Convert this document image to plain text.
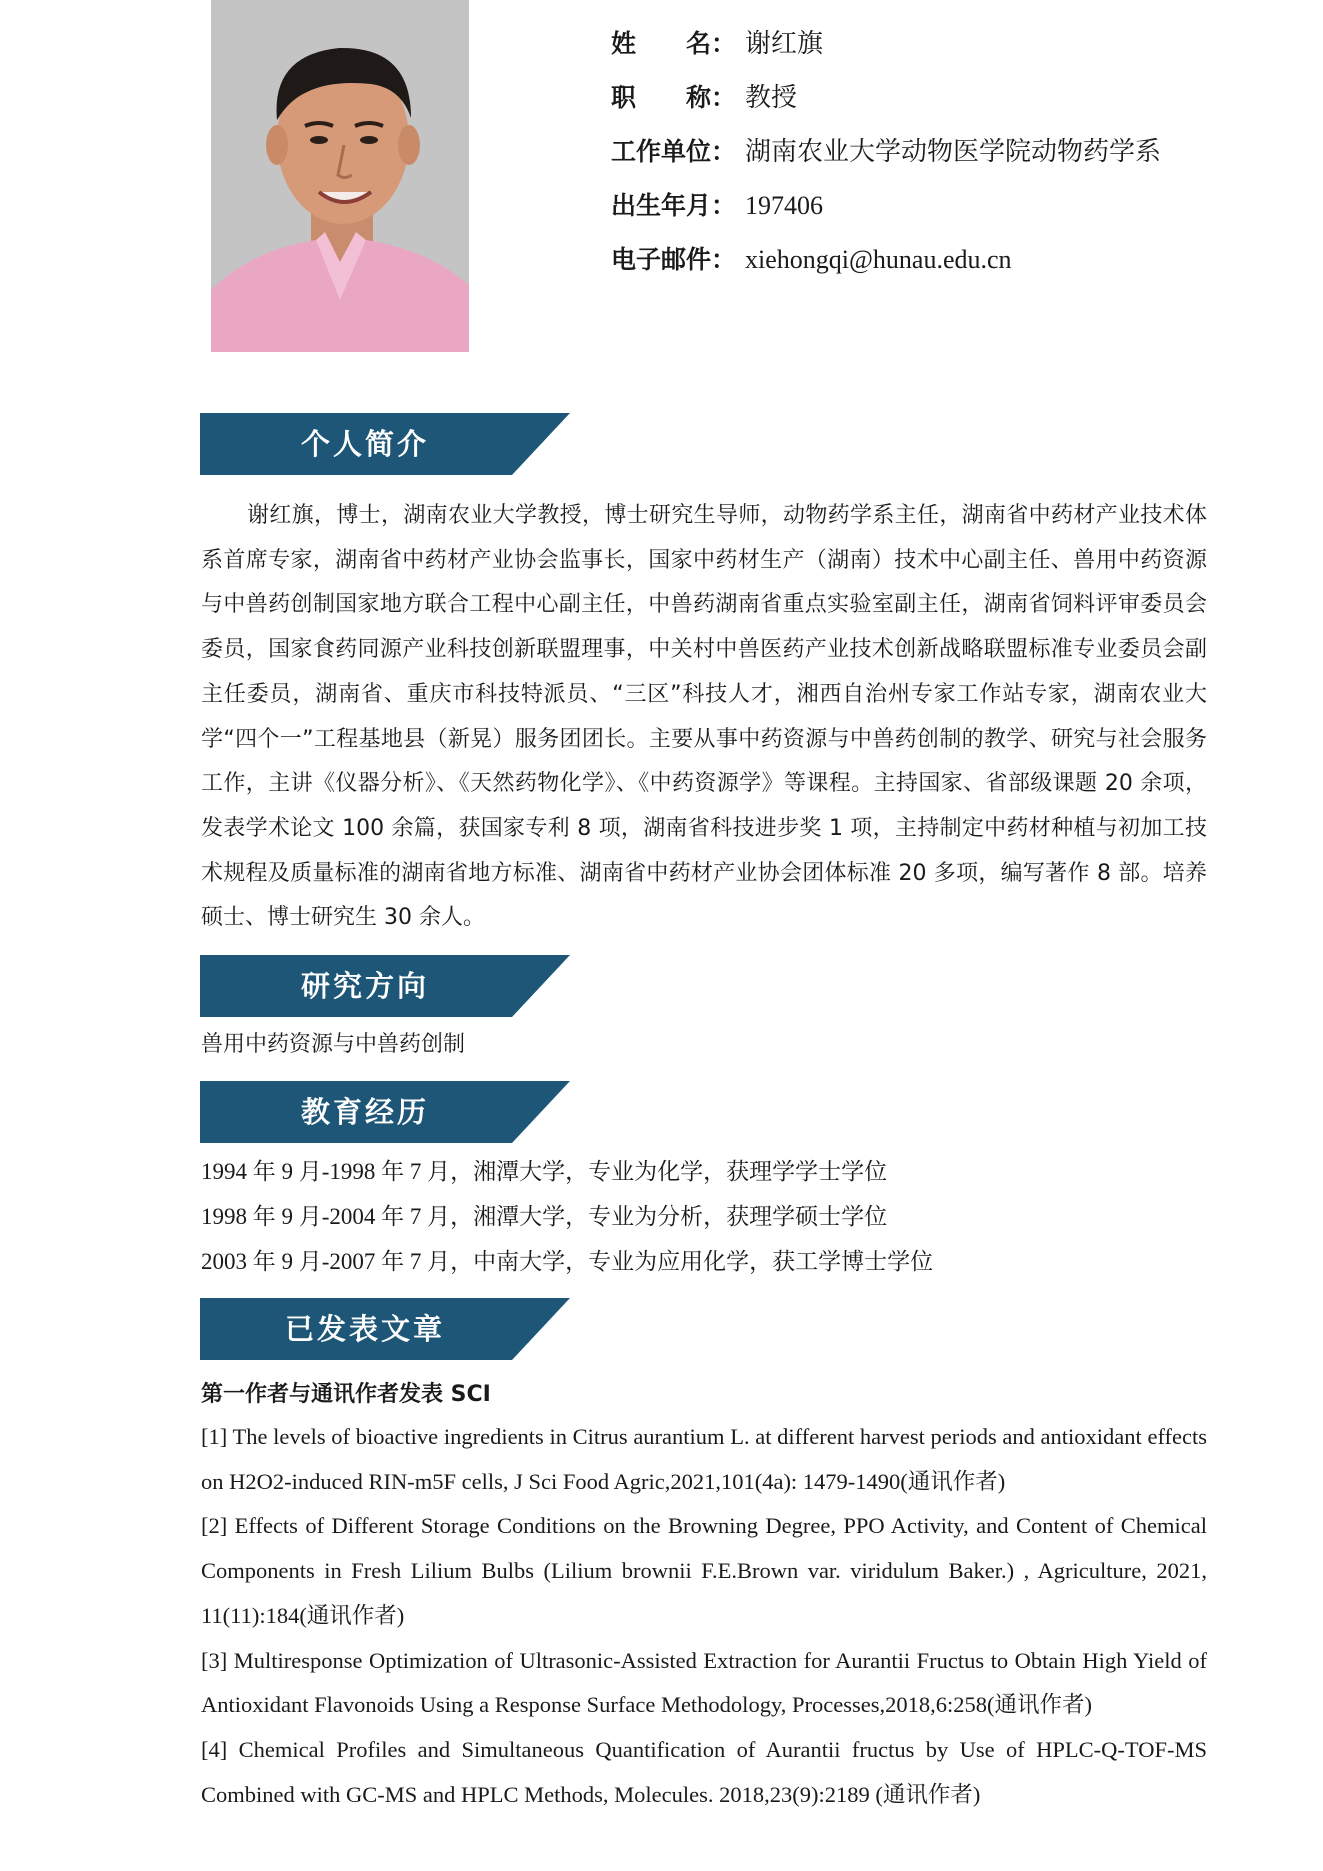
姓　　名： 谢红旗
职　　称： 教授
工作单位： 湖南农业大学动物医学院动物药学系
出生年月： 197406
电子邮件： xiehongqi@hunau.edu.cn
个人简介
谢红旗，博士，湖南农业大学教授，博士研究生导师，动物药学系主任，湖南省中药材产业技术体系首席专家，湖南省中药材产业协会监事长，国家中药材生产（湖南）技术中心副主任、兽用中药资源与中兽药创制国家地方联合工程中心副主任，中兽药湖南省重点实验室副主任，湖南省饲料评审委员会委员，国家食药同源产业科技创新联盟理事，中关村中兽医药产业技术创新战略联盟标准专业委员会副主任委员，湖南省、重庆市科技特派员、“三区”科技人才，湘西自治州专家工作站专家，湖南农业大学“四个一”工程基地县（新晃）服务团团长。主要从事中药资源与中兽药创制的教学、研究与社会服务工作，主讲《仪器分析》、《天然药物化学》、《中药资源学》等课程。主持国家、省部级课题 20 余项，发表学术论文 100 余篇，获国家专利 8 项，湖南省科技进步奖 1 项，主持制定中药材种植与初加工技术规程及质量标准的湖南省地方标准、湖南省中药材产业协会团体标准 20 多项，编写著作 8 部。培养硕士、博士研究生 30 余人。
研究方向
兽用中药资源与中兽药创制
教育经历
1994 年 9 月-1998 年 7 月，湘潭大学，专业为化学，获理学学士学位
1998 年 9 月-2004 年 7 月，湘潭大学，专业为分析，获理学硕士学位
2003 年 9 月-2007 年 7 月，中南大学，专业为应用化学，获工学博士学位
已发表文章
第一作者与通讯作者发表 SCI

[1] The levels of bioactive ingredients in Citrus aurantium L. at different harvest periods and antioxidant effects on H2O2-induced RIN-m5F cells, J Sci Food Agric,2021,101(4a): 1479-1490(通讯作者)

[2] Effects of Different Storage Conditions on the Browning Degree, PPO Activity, and Content of Chemical Components in Fresh Lilium Bulbs (Lilium brownii F.E.Brown var. viridulum Baker.) , Agriculture, 2021, 11(11):184(通讯作者)

[3] Multiresponse Optimization of Ultrasonic-Assisted Extraction for Aurantii Fructus to Obtain High Yield of Antioxidant Flavonoids Using a Response Surface Methodology, Processes,2018,6:258(通讯作者)

[4] Chemical Profiles and Simultaneous Quantification of Aurantii fructus by Use of HPLC-Q-TOF-MS Combined with GC-MS and HPLC Methods, Molecules. 2018,23(9):2189 (通讯作者)
